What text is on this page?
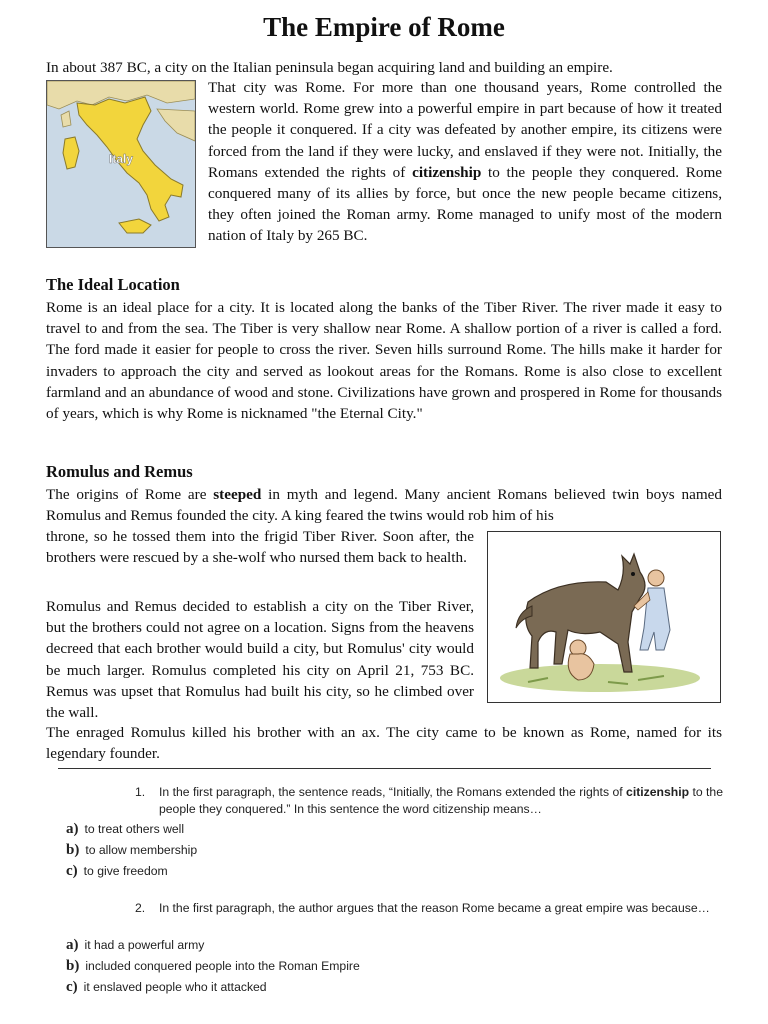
The Empire of Rome

In about 387 BC, a city on the Italian peninsula began acquiring land and building an empire.

Italy

That city was Rome. For more than one thousand years, Rome controlled the western world. Rome grew into a powerful empire in part because of how it treated the people it conquered. If a city was defeated by another empire, its citizens were forced from the land if they were lucky, and enslaved if they were not. Initially, the Romans extended the rights of citizenship to the people they conquered. Rome conquered many of its allies by force, but once the new people became citizens, they often joined the Roman army. Rome managed to unify most of the modern nation of Italy by 265 BC.

The Ideal Location

Rome is an ideal place for a city. It is located along the banks of the Tiber River. The river made it easy to travel to and from the sea. The Tiber is very shallow near Rome. A shallow portion of a river is called a ford. The ford made it easier for people to cross the river. Seven hills surround Rome. The hills make it harder for invaders to approach the city and served as lookout areas for the Romans. Rome is also close to excellent farmland and an abundance of wood and stone. Civilizations have grown and prospered in Rome for thousands of years, which is why Rome is nicknamed "the Eternal City."

Romulus and Remus

The origins of Rome are steeped in myth and legend. Many ancient Romans believed twin boys named Romulus and Remus founded the city. A king feared the twins would rob him of his

throne, so he tossed them into the frigid Tiber River. Soon after, the brothers were rescued by a she-wolf who nursed them back to health.

Romulus and Remus decided to establish a city on the Tiber River, but the brothers could not agree on a location. Signs from the heavens decreed that each brother would build a city, but Romulus' city would be much larger. Romulus completed his city on April 21, 753 BC. Remus was upset that Romulus had built his city, so he climbed over the wall.

The enraged Romulus killed his brother with an ax. The city came to be known as Rome, named for its legendary founder.

1. In the first paragraph, the sentence reads, “Initially, the Romans extended the rights of citizenship to the people they conquered.” In this sentence the word citizenship means…
a) to treat others well
b) to allow membership
c) to give freedom
2. In the first paragraph, the author argues that the reason Rome became a great empire was because…
a) it had a powerful army
b) included conquered people into the Roman Empire
c) it enslaved people who it attacked
